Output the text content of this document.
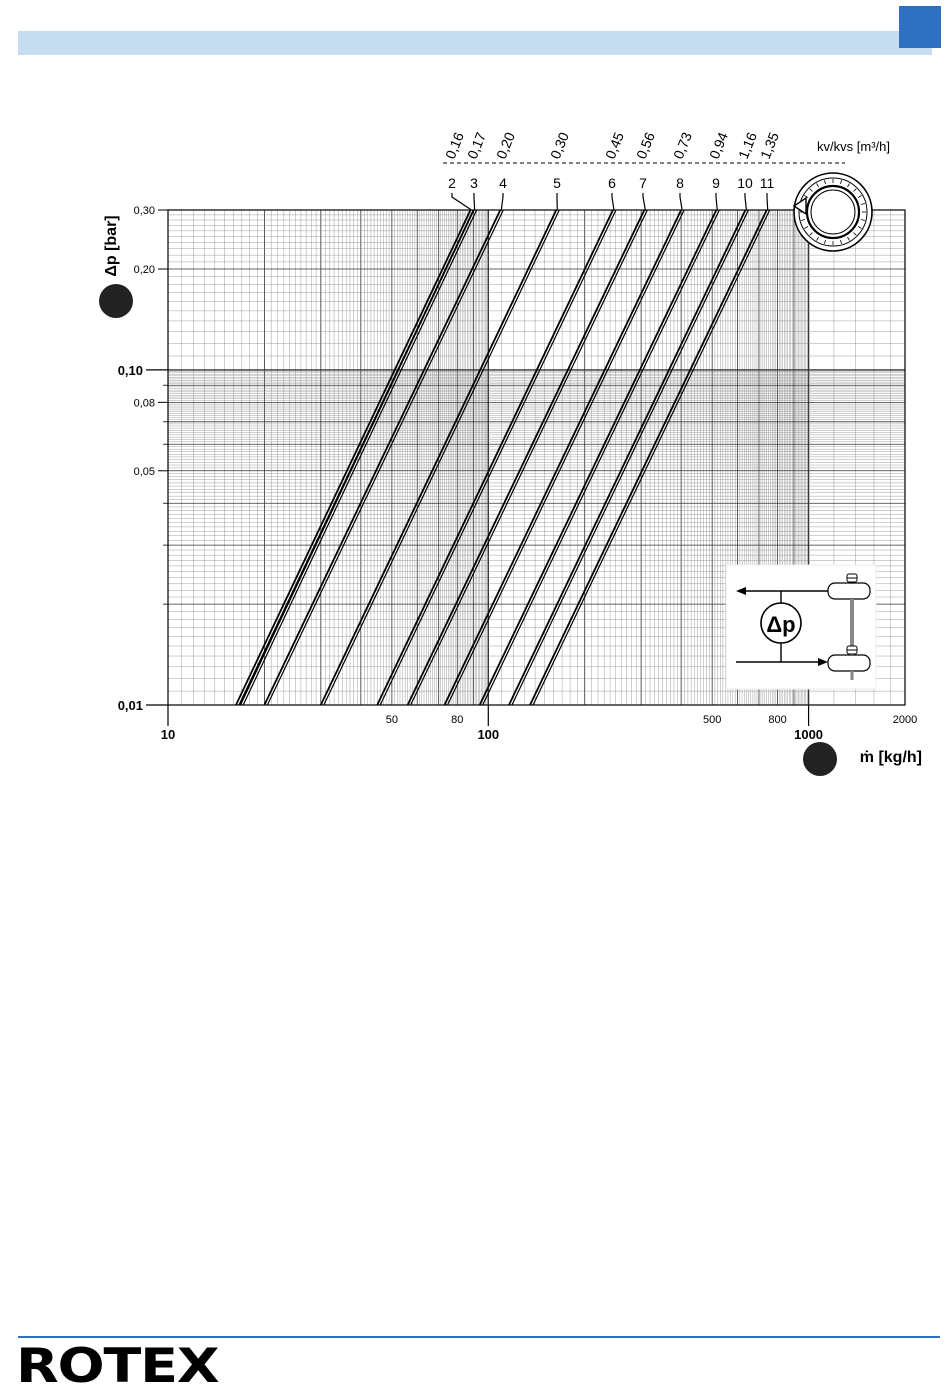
10	100	1000
50	80	500	800	2000
0,01
0,10
0,05
0,08
0,20
0,30
2
0,16
3
0,17
4
0,20
5
0,30
6
0,45
7
0,56
8
0,73
9
0,94
10
1,16
11
1,35
Δp [bar]
ṁ [kg/h]
kv/kvs [m³/h]
Δp
ROTEX
